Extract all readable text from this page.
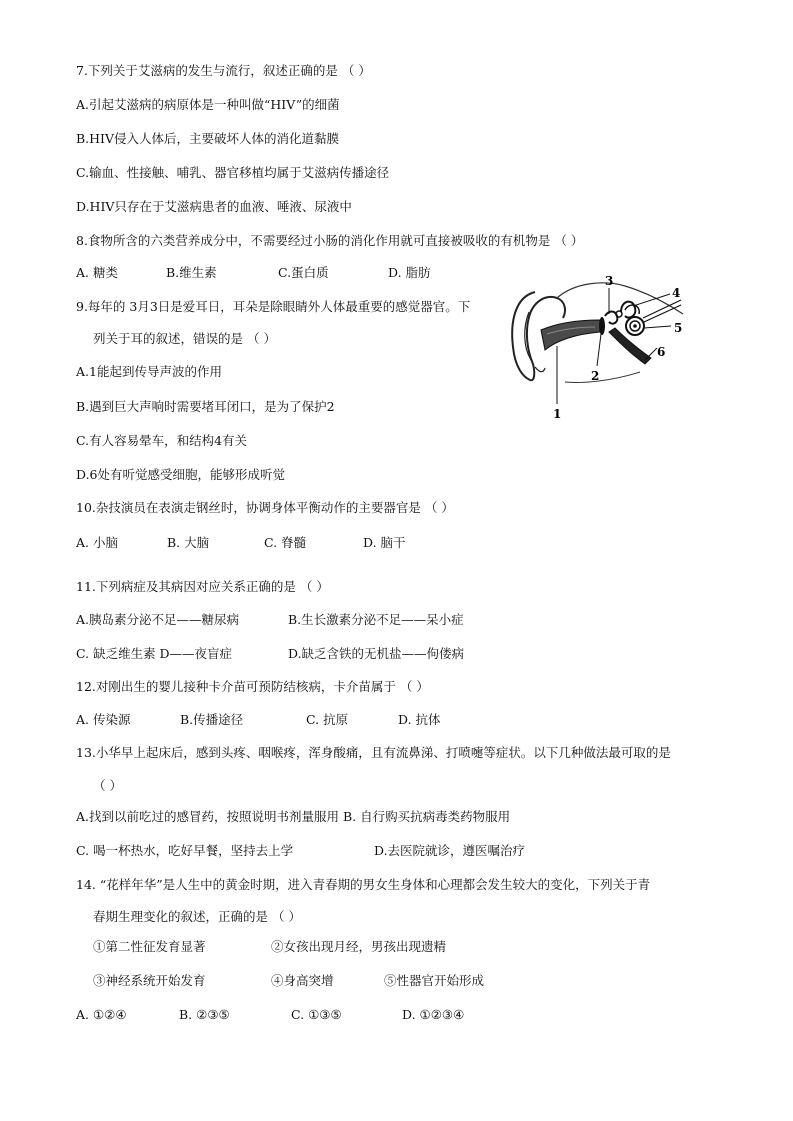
7.下列关于艾滋病的发生与流行，叙述正确的是 （ ）
A.引起艾滋病的病原体是一种叫做“HIV”的细菌
B.HIV侵入人体后，主要破坏人体的消化道黏膜
C.输血、性接触、哺乳、器官移植均属于艾滋病传播途径
D.HIV只存在于艾滋病患者的血液、唾液、尿液中
8.食物所含的六类营养成分中，不需要经过小肠的消化作用就可直接被吸收的有机物是 （ ）
A. 糖类	B.维生素	C.蛋白质	D. 脂肪
9.每年的 3月3日是爱耳日，耳朵是除眼睛外人体最重要的感觉器官。下
列关于耳的叙述，错误的是 （ ）
A.1能起到传导声波的作用
B.遇到巨大声响时需要堵耳闭口，是为了保护2
C.有人容易晕车，和结构4有关
D.6处有听觉感受细胞，能够形成听觉
1
2
3
4
5
6
10.杂技演员在表演走钢丝时，协调身体平衡动作的主要器官是 （ ）
A. 小脑	B. 大脑	C. 脊髓	D. 脑干
11.下列病症及其病因对应关系正确的是 （ ）
A.胰岛素分泌不足——糖尿病	B.生长激素分泌不足——呆小症
C. 缺乏维生素 D——夜盲症	D.缺乏含铁的无机盐——佝偻病
12.对刚出生的婴儿接种卡介苗可预防结核病，卡介苗属于 （ ）
A. 传染源	B.传播途径	C. 抗原	D. 抗体
13.小华早上起床后，感到头疼、咽喉疼，浑身酸痛，且有流鼻涕、打喷嚏等症状。以下几种做法最可取的是
（ ）
A.找到以前吃过的感冒药，按照说明书剂量服用 B. 自行购买抗病毒类药物服用
C. 喝一杯热水，吃好早餐，坚持去上学	D.去医院就诊，遵医嘱治疗
14. “花样年华”是人生中的黄金时期，进入青春期的男女生身体和心理都会发生较大的变化，下列关于青
春期生理变化的叙述，正确的是 （ ）
①第二性征发育显著	②女孩出现月经，男孩出现遗精
③神经系统开始发育	④身高突增	⑤性器官开始形成
A. ①②④	B. ②③⑤	C. ①③⑤	D. ①②③④
